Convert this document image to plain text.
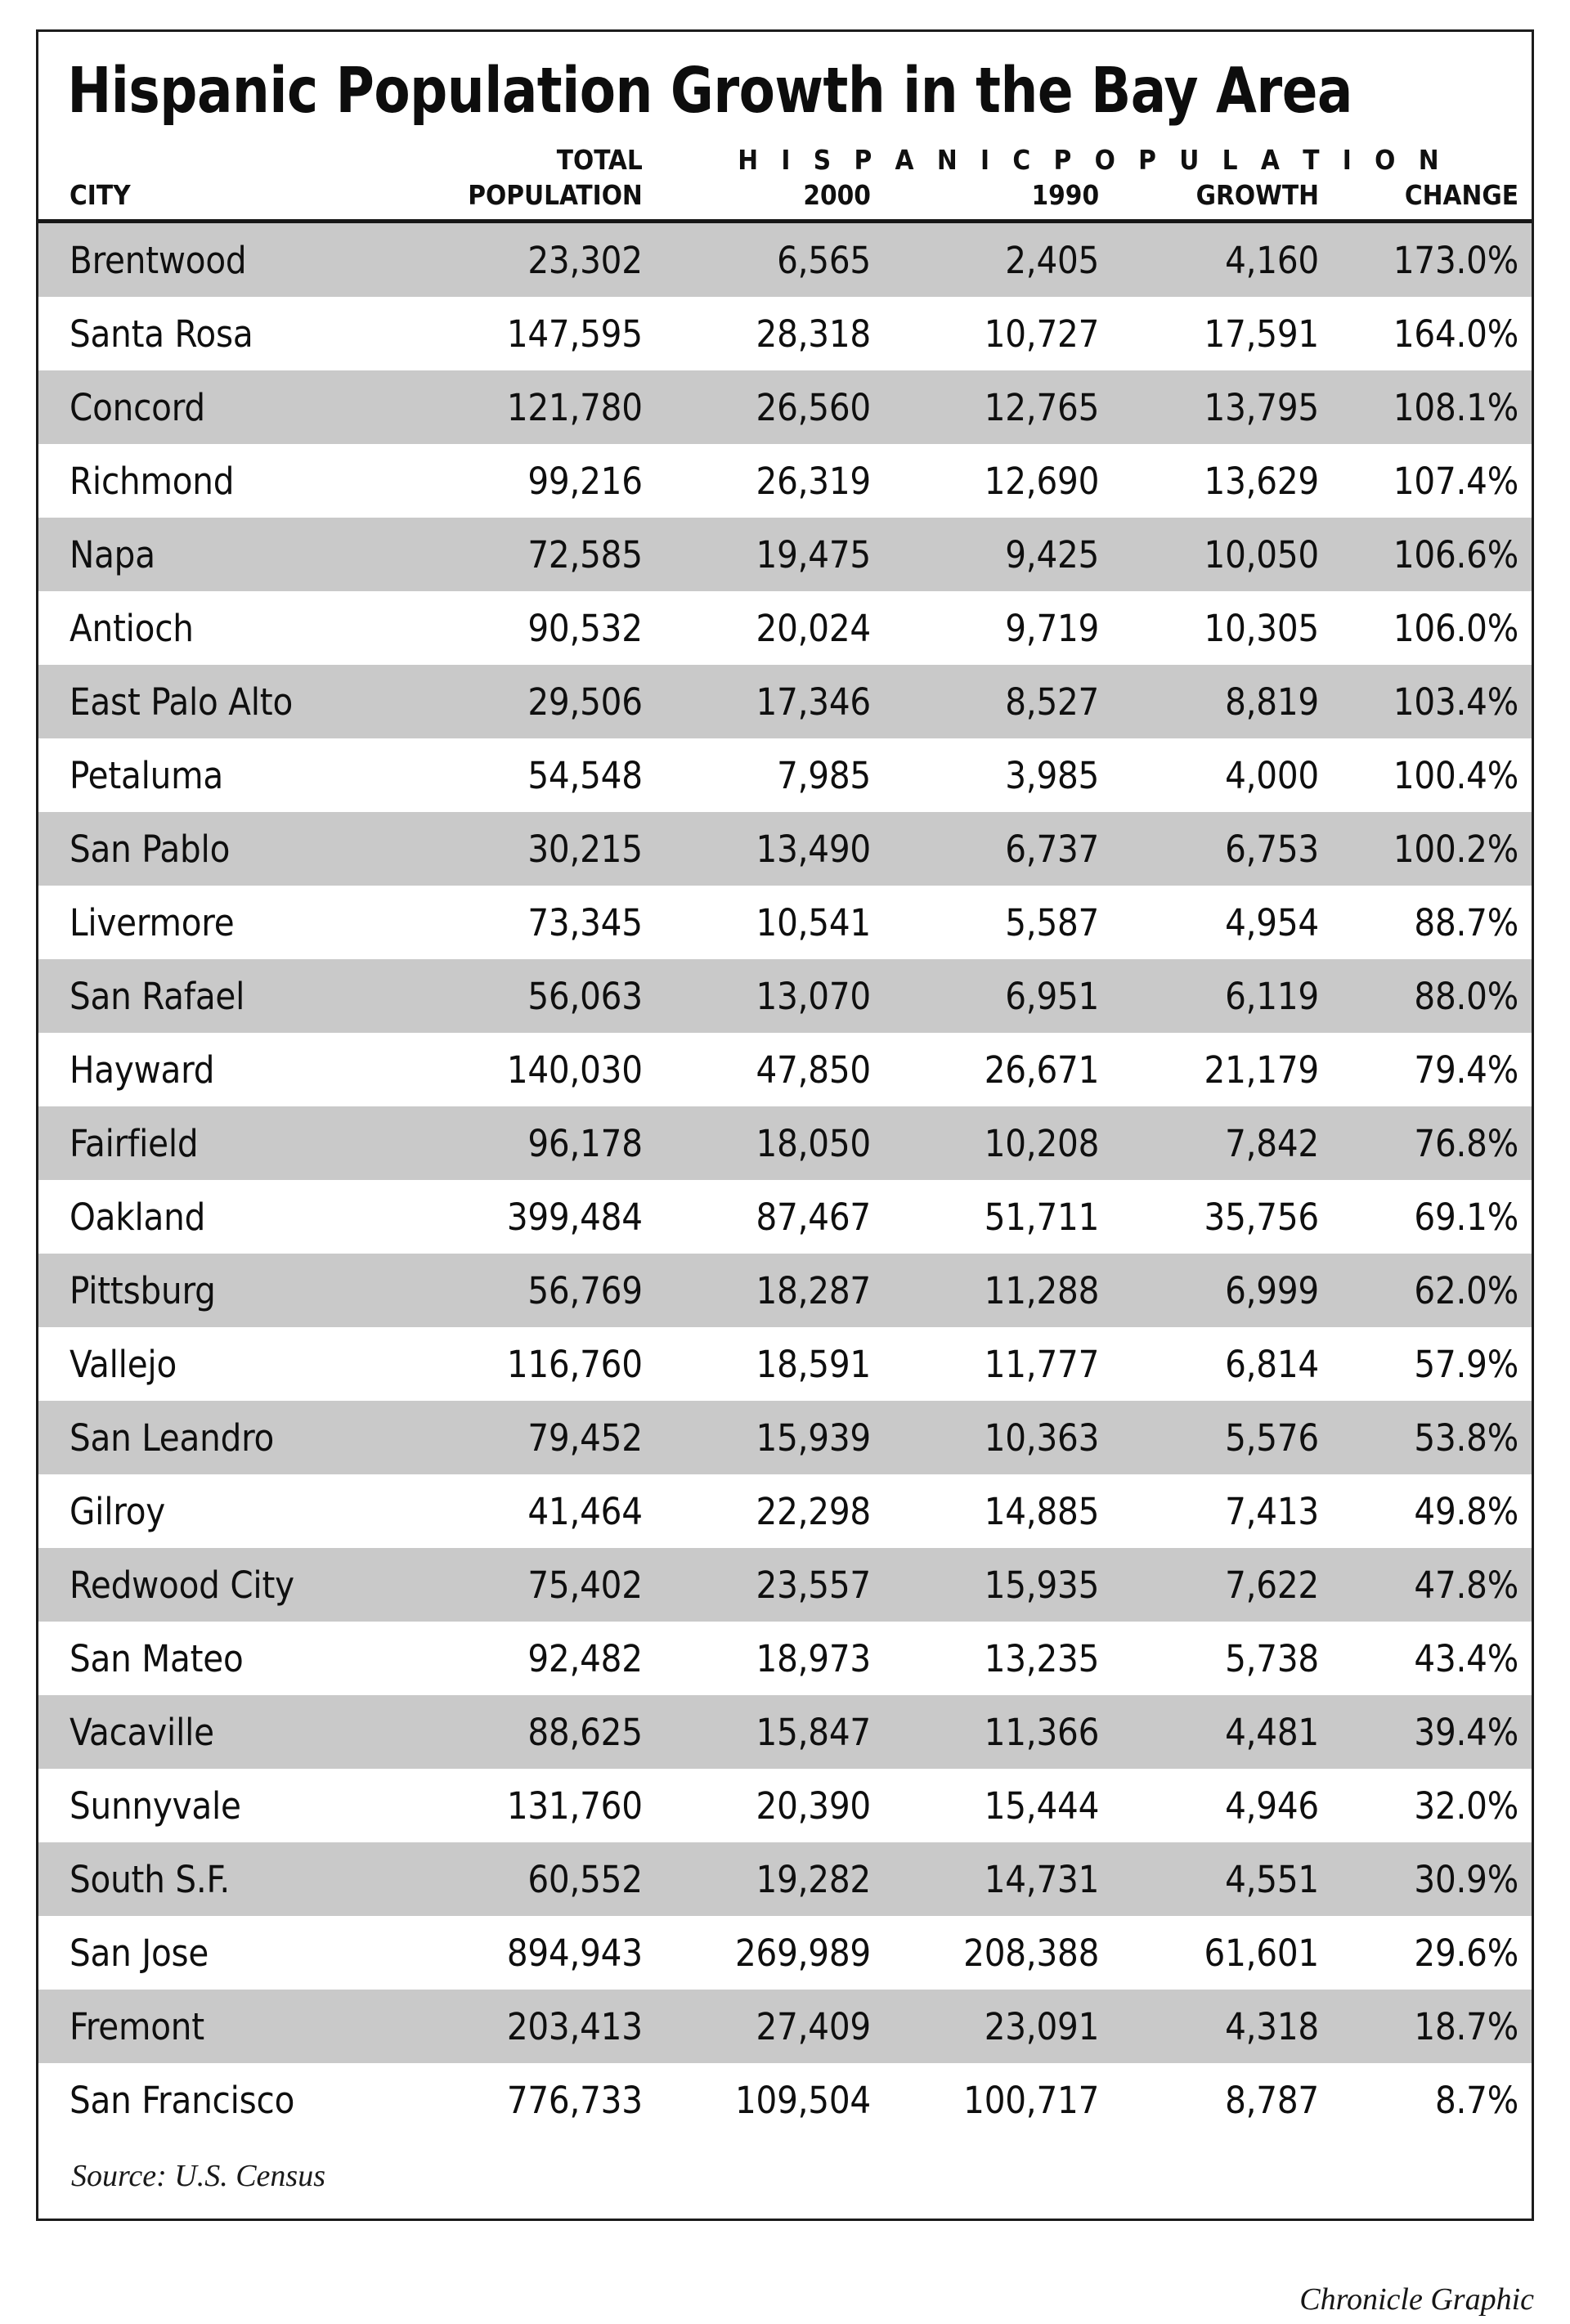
Hispanic Population Growth in the Bay Area
	TOTAL	H I S P A N I C P O P U L A T I O N			
CITY	POPULATION	2000	1990	GROWTH	CHANGE
Brentwood	23,302	6,565	2,405	4,160	173.0%
Santa Rosa	147,595	28,318	10,727	17,591	164.0%
Concord	121,780	26,560	12,765	13,795	108.1%
Richmond	99,216	26,319	12,690	13,629	107.4%
Napa	72,585	19,475	9,425	10,050	106.6%
Antioch	90,532	20,024	9,719	10,305	106.0%
East Palo Alto	29,506	17,346	8,527	8,819	103.4%
Petaluma	54,548	7,985	3,985	4,000	100.4%
San Pablo	30,215	13,490	6,737	6,753	100.2%
Livermore	73,345	10,541	5,587	4,954	88.7%
San Rafael	56,063	13,070	6,951	6,119	88.0%
Hayward	140,030	47,850	26,671	21,179	79.4%
Fairfield	96,178	18,050	10,208	7,842	76.8%
Oakland	399,484	87,467	51,711	35,756	69.1%
Pittsburg	56,769	18,287	11,288	6,999	62.0%
Vallejo	116,760	18,591	11,777	6,814	57.9%
San Leandro	79,452	15,939	10,363	5,576	53.8%
Gilroy	41,464	22,298	14,885	7,413	49.8%
Redwood City	75,402	23,557	15,935	7,622	47.8%
San Mateo	92,482	18,973	13,235	5,738	43.4%
Vacaville	88,625	15,847	11,366	4,481	39.4%
Sunnyvale	131,760	20,390	15,444	4,946	32.0%
South S.F.	60,552	19,282	14,731	4,551	30.9%
San Jose	894,943	269,989	208,388	61,601	29.6%
Fremont	203,413	27,409	23,091	4,318	18.7%
San Francisco	776,733	109,504	100,717	8,787	8.7%
Source: U.S. Census
Chronicle Graphic
